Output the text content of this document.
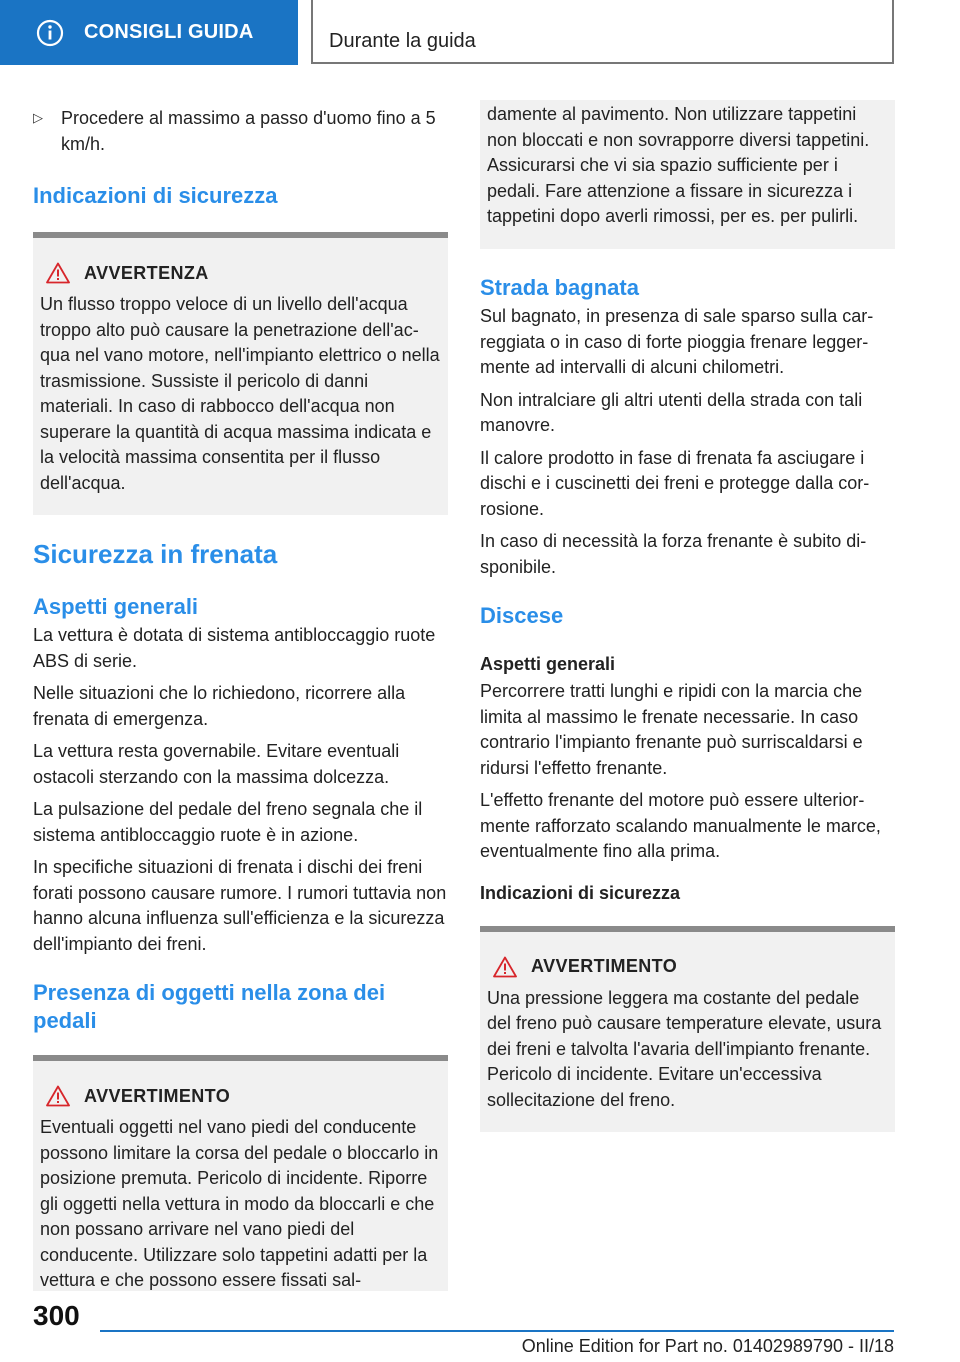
CONSIGLI GUIDA	Durante la guida
▷	Procedere al massimo a passo d'uomo fino a 5 km/h.
Indicazioni di sicurezza
AVVERTENZA

Un flusso troppo veloce di un livello dell'acqua troppo alto può causare la penetrazione dell'acqua nel vano motore, nell'impianto elettrico o nella trasmissione. Sussiste il pericolo di danni materiali. In caso di rabbocco dell'acqua non superare la quantità di acqua massima indicata e la velocità massima consentita per il flusso dell'acqua.

Sicurezza in frenata
Aspetti generali

La vettura è dotata di sistema antibloccaggio ruote ABS di serie.

Nelle situazioni che lo richiedono, ricorrere alla frenata di emergenza.

La vettura resta governabile. Evitare eventuali ostacoli sterzando con la massima dolcezza.

La pulsazione del pedale del freno segnala che il sistema antibloccaggio ruote è in azione.

In specifiche situazioni di frenata i dischi dei freni forati possono causare rumore. I rumori tuttavia non hanno alcuna influenza sull'efficienza e la sicurezza dell'impianto dei freni.

Presenza di oggetti nella zona dei pedali
AVVERTIMENTO

Eventuali oggetti nel vano piedi del conducente possono limitare la corsa del pedale o bloccarlo in posizione premuta. Pericolo di incidente. Riporre gli oggetti nella vettura in modo da bloccarli e che non possano arrivare nel vano piedi del conducente. Utilizzare solo tappetini adatti per la vettura e che possono essere fissati sal-

damente al pavimento. Non utilizzare tappetini non bloccati e non sovrapporre diversi tappetini. Assicurarsi che vi sia spazio sufficiente per i pedali. Fare attenzione a fissare in sicurezza i tappetini dopo averli rimossi, per es. per pulirli.

Strada bagnata

Sul bagnato, in presenza di sale sparso sulla carreggiata o in caso di forte pioggia frenare leggermente ad intervalli di alcuni chilometri.

Non intralciare gli altri utenti della strada con tali manovre.

Il calore prodotto in fase di frenata fa asciugare i dischi e i cuscinetti dei freni e protegge dalla corrosione.

In caso di necessità la forza frenante è subito disponibile.

Discese
Aspetti generali

Percorrere tratti lunghi e ripidi con la marcia che limita al massimo le frenate necessarie. In caso contrario l'impianto frenante può surriscaldarsi e ridursi l'effetto frenante.

L'effetto frenante del motore può essere ulteriormente rafforzato scalando manualmente le marce, eventualmente fino alla prima.

Indicazioni di sicurezza
AVVERTIMENTO

Una pressione leggera ma costante del pedale del freno può causare temperature elevate, usura dei freni e talvolta l'avaria dell'impianto frenante. Pericolo di incidente. Evitare un'eccessiva sollecitazione del freno.

300
Online Edition for Part no. 01402989790 - II/18
